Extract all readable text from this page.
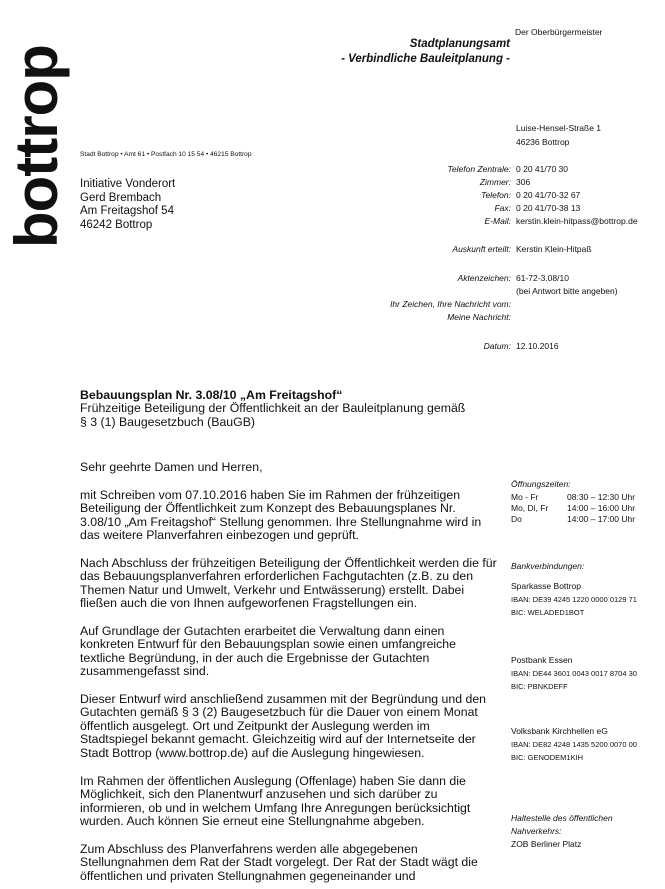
bottrop
Der Oberbürgermeister
Stadtplanungsamt
- Verbindliche Bauleitplanung -
Luise-Hensel-Straße 1
46236 Bottrop
Stadt Bottrop • Amt 61 • Postfach 10 15 54 • 46215 Bottrop
Initiative Vonderort
Gerd Brembach
Am Freitagshof 54
46242 Bottrop
Telefon Zentrale: 0 20 41/70 30
Zimmer: 306
Telefon: 0 20 41/70-32 67
Fax: 0 20 41/70-38 13
E-Mail: kerstin.klein-hitpass@bottrop.de
Auskunft erteilt: Kerstin Klein-Hitpaß
Aktenzeichen: 61-72-3.08/10
(bei Antwort bitte angeben)
Ihr Zeichen, Ihre Nachricht vom:
Meine Nachricht:
Datum: 12.10.2016
Bebauungsplan Nr. 3.08/10 „Am Freitagshof“
Frühzeitige Beteiligung der Öffentlichkeit an der Bauleitplanung gemäß
§ 3 (1) Baugesetzbuch (BauGB)
Sehr geehrte Damen und Herren,
mit Schreiben vom 07.10.2016 haben Sie im Rahmen der frühzeitigen Beteiligung der Öffentlichkeit zum Konzept des Bebauungsplanes Nr. 3.08/10 „Am Freitagshof“ Stellung genommen. Ihre Stellungnahme wird in das weitere Planverfahren einbezogen und geprüft.
Nach Abschluss der frühzeitigen Beteiligung der Öffentlichkeit werden die für das Bebauungsplanverfahren erforderlichen Fachgutachten (z.B. zu den Themen Natur und Umwelt, Verkehr und Entwässerung) erstellt. Dabei fließen auch die von Ihnen aufgeworfenen Fragstellungen ein.
Auf Grundlage der Gutachten erarbeitet die Verwaltung dann einen konkreten Entwurf für den Bebauungsplan sowie einen umfangreiche textliche Begründung, in der auch die Ergebnisse der Gutachten zusammengefasst sind.
Dieser Entwurf wird anschließend zusammen mit der Begründung und den Gutachten gemäß § 3 (2) Baugesetzbuch für die Dauer von einem Monat öffentlich ausgelegt. Ort und Zeitpunkt der Auslegung werden im Stadtspiegel bekannt gemacht. Gleichzeitig wird auf der Internetseite der Stadt Bottrop (www.bottrop.de) auf die Auslegung hingewiesen.
Im Rahmen der öffentlichen Auslegung (Offenlage) haben Sie dann die Möglichkeit, sich den Planentwurf anzusehen und sich darüber zu informieren, ob und in welchem Umfang Ihre Anregungen berücksichtigt wurden. Auch können Sie erneut eine Stellungnahme abgeben.
Zum Abschluss des Planverfahrens werden alle abgegebenen Stellungnahmen dem Rat der Stadt vorgelegt. Der Rat der Stadt wägt die öffentlichen und privaten Stellungnahmen gegeneinander und
Öffnungszeiten:
Mo - Fr	08:30 – 12:30 Uhr
Mo, Di, Fr	14:00 – 16:00 Uhr
Do	14:00 – 17:00 Uhr
Bankverbindungen:
Sparkasse Bottrop
IBAN: DE39 4245 1220 0000 0129 71
BIC: WELADED1BOT
Postbank Essen
IBAN: DE44 3601 0043 0017 8704 30
BIC: PBNKDEFF
Volksbank Kirchhellen eG
IBAN: DE82 4248 1435 5200 0070 00
BIC: GENODEM1KIH
Haltestelle des öffentlichen
Nahverkehrs:
ZOB Berliner Platz
